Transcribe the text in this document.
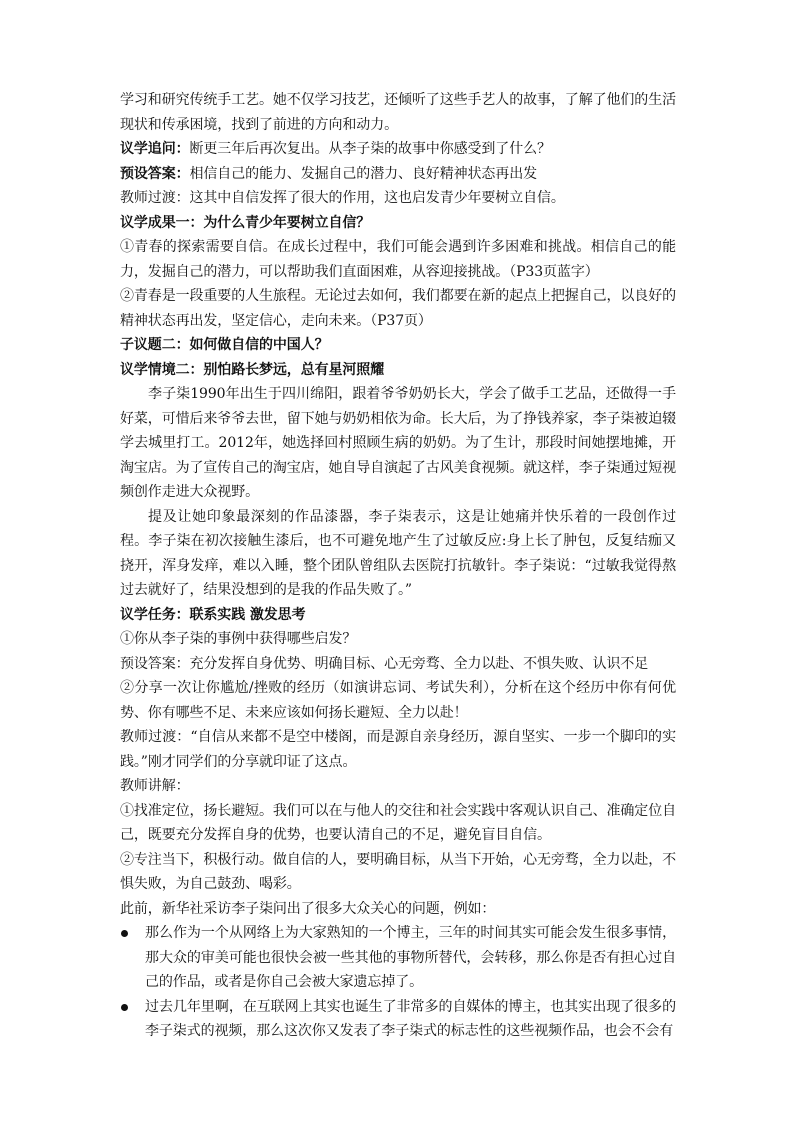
学习和研究传统手工艺。她不仅学习技艺，还倾听了这些手艺人的故事，了解了他们的生活现状和传承困境，找到了前进的方向和动力。

议学追问：断更三年后再次复出。从李子柒的故事中你感受到了什么？

预设答案：相信自己的能力、发掘自己的潜力、良好精神状态再出发

教师过渡：这其中自信发挥了很大的作用，这也启发青少年要树立自信。

议学成果一：为什么青少年要树立自信？

①青春的探索需要自信。在成长过程中，我们可能会遇到许多困难和挑战。相信自己的能力，发掘自己的潜力，可以帮助我们直面困难，从容迎接挑战。（P33页蓝字）

②青春是一段重要的人生旅程。无论过去如何，我们都要在新的起点上把握自己，以良好的精神状态再出发，坚定信心，走向未来。（P37页）

子议题二：如何做自信的中国人？

议学情境二：别怕路长梦远，总有星河照耀

李子柒1990年出生于四川绵阳，跟着爷爷奶奶长大，学会了做手工艺品，还做得一手好菜，可惜后来爷爷去世，留下她与奶奶相依为命。长大后，为了挣钱养家，李子柒被迫辍学去城里打工。2012年，她选择回村照顾生病的奶奶。为了生计，那段时间她摆地摊，开淘宝店。为了宣传自己的淘宝店，她自导自演起了古风美食视频。就这样，李子柒通过短视频创作走进大众视野。

提及让她印象最深刻的作品漆器，李子柒表示，这是让她痛并快乐着的一段创作过程。李子柒在初次接触生漆后，也不可避免地产生了过敏反应:身上长了肿包，反复结痂又挠开，浑身发痒，难以入睡，整个团队曾组队去医院打抗敏针。李子柒说：“过敏我觉得熬过去就好了，结果没想到的是我的作品失败了。”

议学任务：联系实践 激发思考

①你从李子柒的事例中获得哪些启发？

预设答案：充分发挥自身优势、明确目标、心无旁骛、全力以赴、不惧失败、认识不足

②分享一次让你尴尬/挫败的经历（如演讲忘词、考试失利），分析在这个经历中你有何优势、你有哪些不足、未来应该如何扬长避短、全力以赴！

教师过渡：“自信从来都不是空中楼阁，而是源自亲身经历，源自坚实、一步一个脚印的实践。”刚才同学们的分享就印证了这点。

教师讲解：

①找准定位，扬长避短。我们可以在与他人的交往和社会实践中客观认识自己、准确定位自己，既要充分发挥自身的优势，也要认清自己的不足，避免盲目自信。

②专注当下，积极行动。做自信的人，要明确目标，从当下开始，心无旁骛，全力以赴，不惧失败，为自己鼓劲、喝彩。

此前，新华社采访李子柒问出了很多大众关心的问题，例如：

那么作为一个从网络上为大家熟知的一个博主，三年的时间其实可能会发生很多事情，那大众的审美可能也很快会被一些其他的事物所替代，会转移，那么你是否有担心过自己的作品，或者是你自己会被大家遗忘掉了。
过去几年里啊，在互联网上其实也诞生了非常多的自媒体的博主，也其实出现了很多的李子柒式的视频，那么这次你又发表了李子柒式的标志性的这些视频作品，也会不会有
